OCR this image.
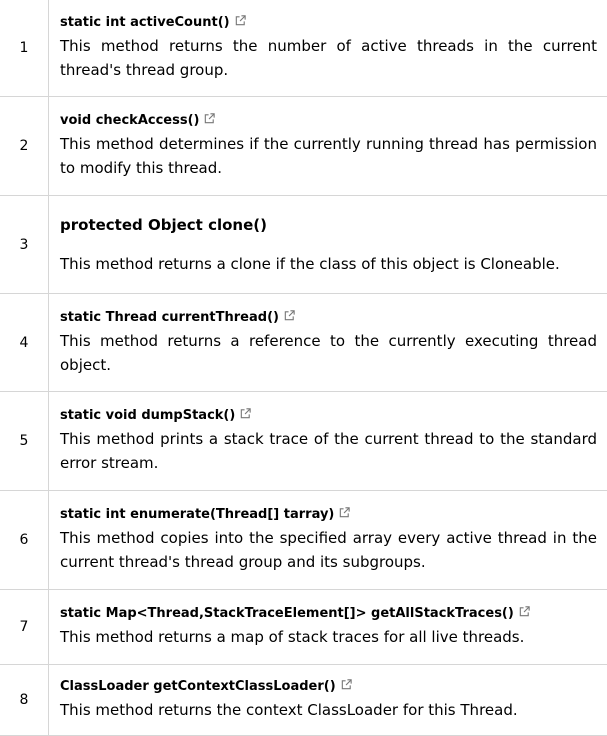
1	static int activeCount()
This method returns the number of active threads in the current thread's thread group.

2	void checkAccess()
This method determines if the currently running thread has permission to modify this thread.

3	protected Object clone()
This method returns a clone if the class of this object is Cloneable.

4	static Thread currentThread()
This method returns a reference to the currently executing thread object.

5	static void dumpStack()
This method prints a stack trace of the current thread to the standard error stream.

6	static int enumerate(Thread[] tarray)
This method copies into the specified array every active thread in the current thread's thread group and its subgroups.

7	static Map<Thread,StackTraceElement[]> getAllStackTraces()
This method returns a map of stack traces for all live threads.

8	ClassLoader getContextClassLoader()
This method returns the context ClassLoader for this Thread.
